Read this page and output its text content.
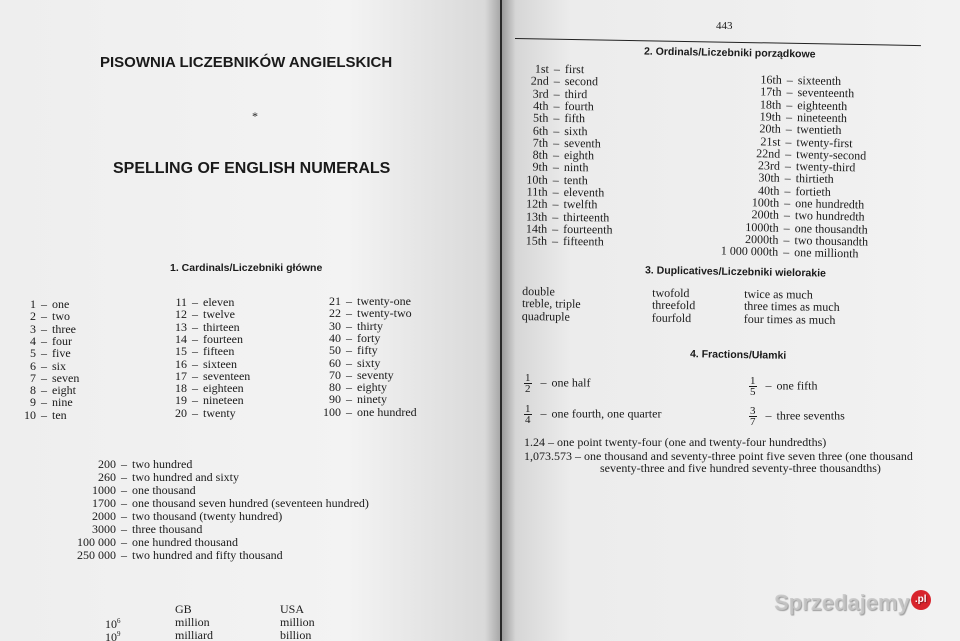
PISOWNIA LICZEBNIKÓW ANGIELSKICH
*
SPELLING OF ENGLISH NUMERALS
1. Cardinals/Liczebniki główne
1 – one
2 – two
3 – three
4 – four
5 – five
6 – six
7 – seven
8 – eight
9 – nine
10 – ten
11 – eleven
12 – twelve
13 – thirteen
14 – fourteen
15 – fifteen
16 – sixteen
17 – seventeen
18 – eighteen
19 – nineteen
20 – twenty
21 – twenty-one
22 – twenty-two
30 – thirty
40 – forty
50 – fifty
60 – sixty
70 – seventy
80 – eighty
90 – ninety
100 – one hundred
200 – two hundred
260 – two hundred and sixty
1000 – one thousand
1700 – one thousand seven hundred (seventeen hundred)
2000 – two thousand (twenty hundred)
3000 – three thousand
100 000 – one hundred thousand
250 000 – two hundred and fifty thousand
GB	USA
$10^6$	million	million
$10^9$	milliard	billion
443
2. Ordinals/Liczebniki porządkowe
1st – first
2nd – second
3rd – third
4th – fourth
5th – fifth
6th – sixth
7th – seventh
8th – eighth
9th – ninth
10th – tenth
11th – eleventh
12th – twelfth
13th – thirteenth
14th – fourteenth
15th – fifteenth
16th – sixteenth
17th – seventeenth
18th – eighteenth
19th – nineteenth
20th – twentieth
21st – twenty-first
22nd – twenty-second
23rd – twenty-third
30th – thirtieth
40th – fortieth
100th – one hundredth
200th – two hundredth
1000th – one thousandth
2000th – two thousandth
1 000 000th – one millionth
3. Duplicatives/Liczebniki wielorakie
double	twofold	twice as much
treble, triple	threefold	three times as much
quadruple	fourfold	four times as much
4. Fractions/Ułamki
$\frac{1}{2}$ – one half	$\frac{1}{5}$ – one fifth
$\frac{1}{4}$ – one fourth, one quarter	$\frac{3}{7}$ – three sevenths
1.24 – one point twenty-four (one and twenty-four hundredths)
1,073.573 – one thousand and seventy-three point five seven three (one thousand
seventy-three and five hundred seventy-three thousandths)
Sprzedajemy .pl
